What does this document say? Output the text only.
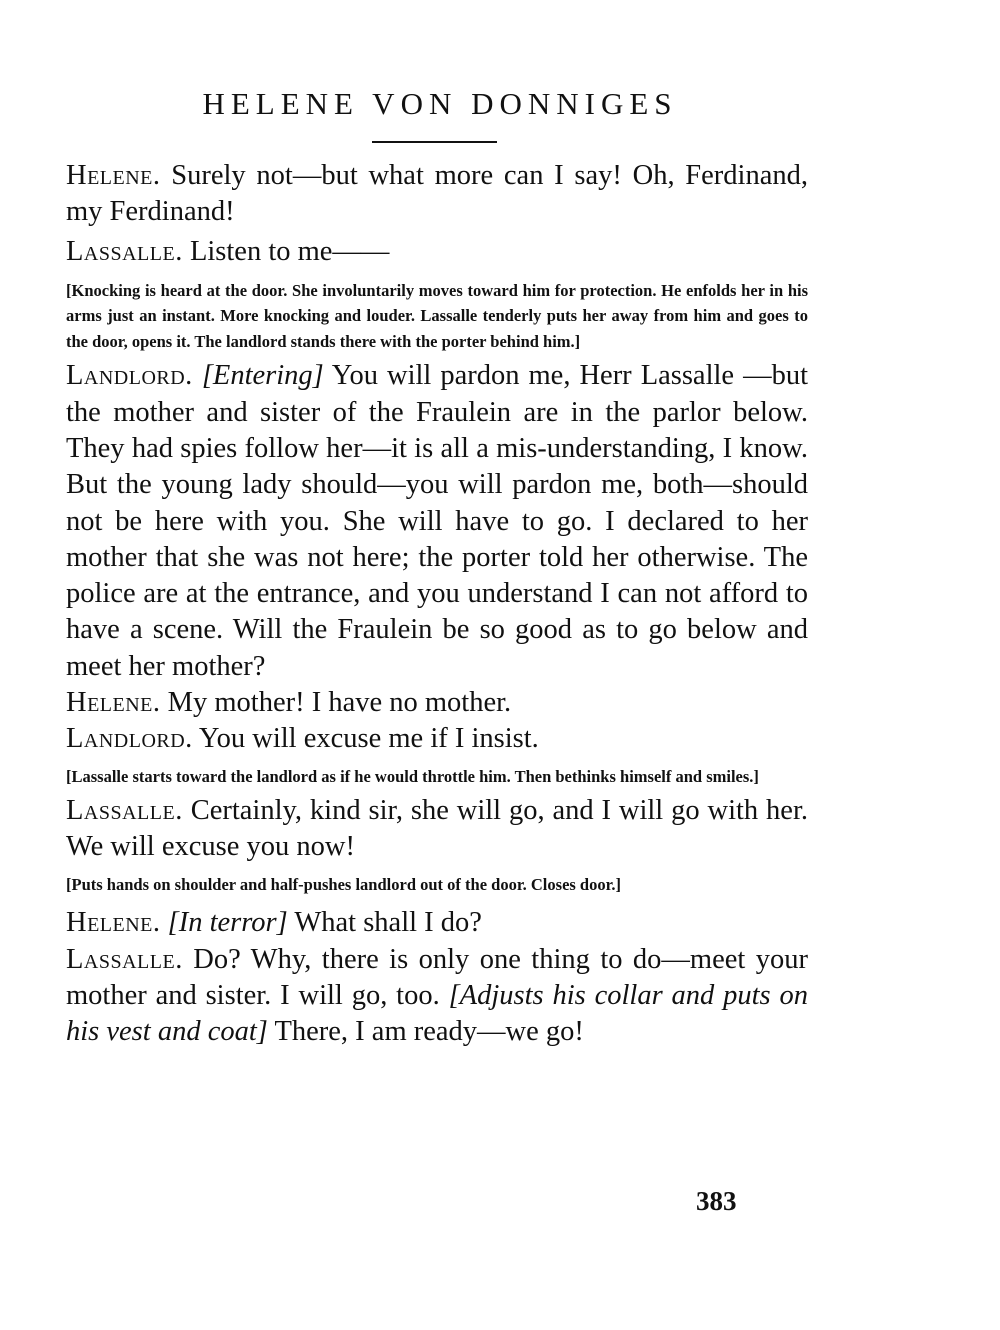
HELENE VON DONNIGES

Helene. Surely not—but what more can I say! Oh, Ferdinand, my Ferdinand!

Lassalle. Listen to me——

[Knocking is heard at the door. She involuntarily moves toward him for protection. He enfolds her in his arms just an instant. More knocking and louder. Lassalle tenderly puts her away from him and goes to the door, opens it. The landlord stands there with the porter behind him.]

Landlord. [Entering] You will pardon me, Herr Lassalle —but the mother and sister of the Fraulein are in the parlor below. They had spies follow her—it is all a mis-understanding, I know. But the young lady should—you will pardon me, both—should not be here with you. She will have to go. I declared to her mother that she was not here; the porter told her otherwise. The police are at the entrance, and you understand I can not afford to have a scene. Will the Fraulein be so good as to go below and meet her mother?

Helene. My mother! I have no mother.

Landlord. You will excuse me if I insist.

[Lassalle starts toward the landlord as if he would throttle him. Then bethinks himself and smiles.]

Lassalle. Certainly, kind sir, she will go, and I will go with her. We will excuse you now!

[Puts hands on shoulder and half-pushes landlord out of the door. Closes door.]

Helene. [In terror] What shall I do?

Lassalle. Do? Why, there is only one thing to do—meet your mother and sister. I will go, too. [Adjusts his collar and puts on his vest and coat] There, I am ready—we go!

383
